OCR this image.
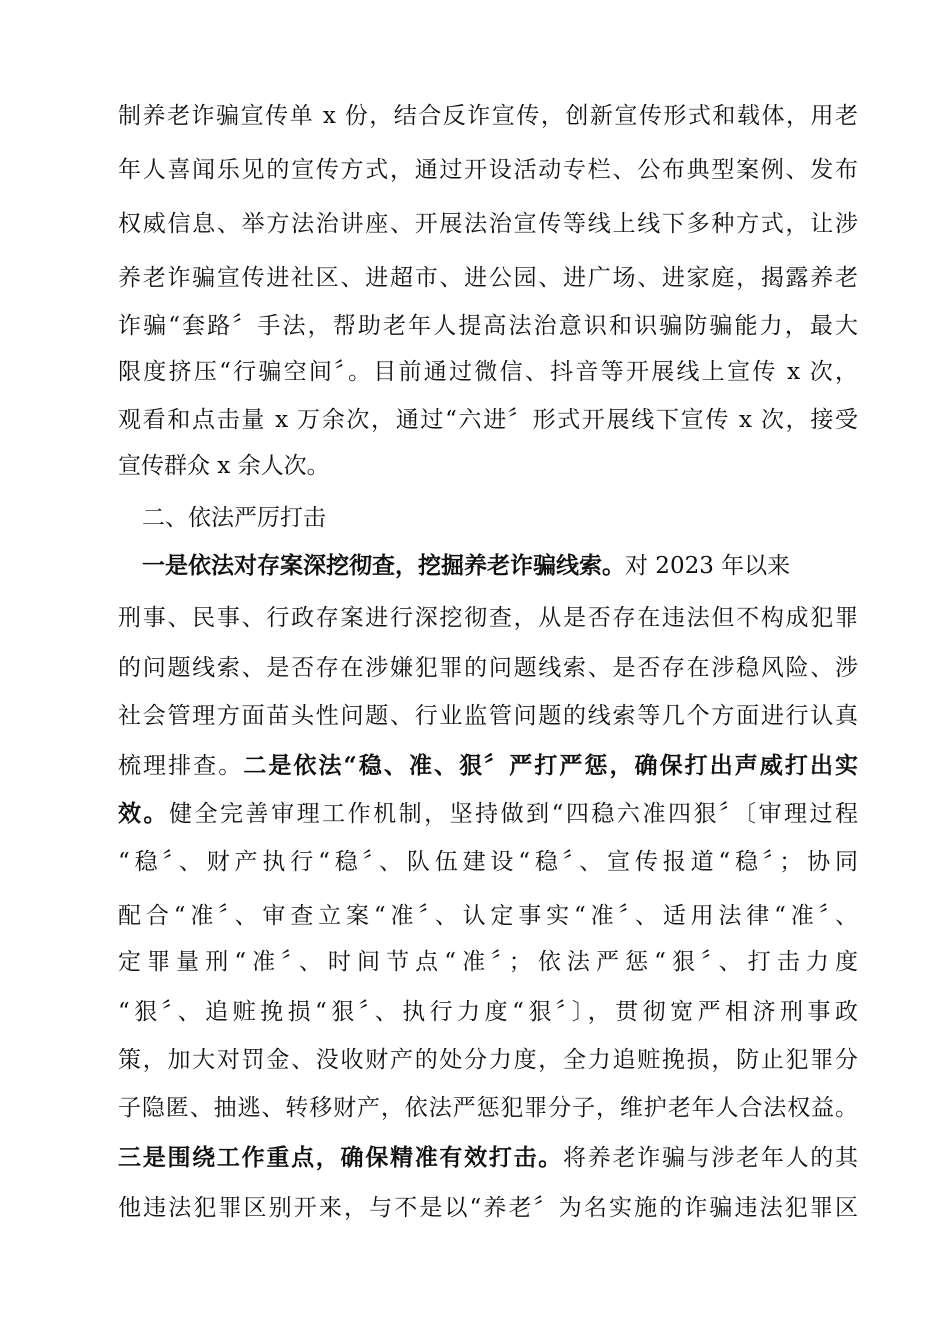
制养老诈骗宣传单 x 份，结合反诈宣传，创新宣传形式和载体，用老
年人喜闻乐见的宣传方式，通过开设活动专栏、公布典型案例、发布
权威信息、举方法治讲座、开展法治宣传等线上线下多种方式，让涉
养老诈骗宣传进社区、进超市、进公园、进广场、进家庭，揭露养老
诈骗“套路〞手法，帮助老年人提高法治意识和识骗防骗能力，最大
限度挤压“行骗空间〞。目前通过微信、抖音等开展线上宣传 x 次，
观看和点击量 x 万余次，通过“六进〞形式开展线下宣传 x 次，接受
宣传群众 x 余人次。
二、依法严厉打击
一是依法对存案深挖彻查，挖掘养老诈骗线索。对 2023 年以来
刑事、民事、行政存案进行深挖彻查，从是否存在违法但不构成犯罪
的问题线索、是否存在涉嫌犯罪的问题线索、是否存在涉稳风险、涉
社会管理方面苗头性问题、行业监管问题的线索等几个方面进行认真
梳理排查。二是依法“稳、准、狠〞严打严惩，确保打出声威打出实
效。健全完善审理工作机制，坚持做到“四稳六准四狠〞〔审理过程
“稳〞、财产执行“稳〞、队伍建设“稳〞、宣传报道“稳〞；协同
配合“准〞、审查立案“准〞、认定事实“准〞、适用法律“准〞、
定罪量刑“准〞、时间节点“准〞；依法严惩“狠〞、打击力度
“狠〞、追赃挽损“狠〞、执行力度“狠〞〕，贯彻宽严相济刑事政
策，加大对罚金、没收财产的处分力度，全力追赃挽损，防止犯罪分
子隐匿、抽逃、转移财产，依法严惩犯罪分子，维护老年人合法权益。
三是围绕工作重点，确保精准有效打击。将养老诈骗与涉老年人的其
他违法犯罪区别开来，与不是以“养老〞为名实施的诈骗违法犯罪区
